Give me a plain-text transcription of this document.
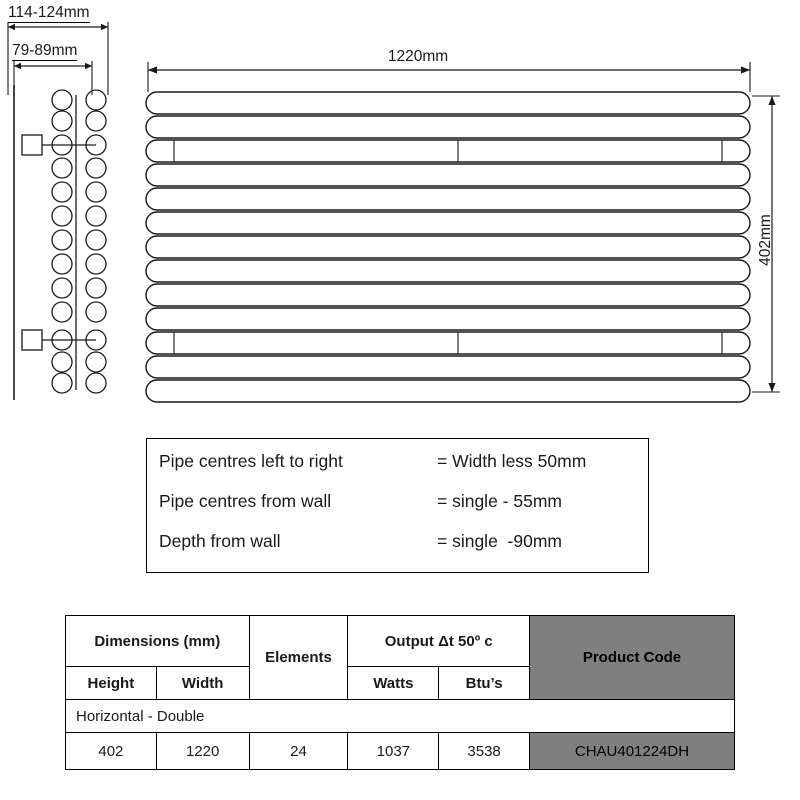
114-124mm
79-89mm	1220mm
402mm
Pipe centres left to right	= Width less 50mm
Pipe centres from wall	= single - 55mm
Depth from wall	= single  -90mm
Dimensions (mm)		Elements	Output Δt 50º c		Product Code
Height	Width		Watts	Btu’s	
Horizontal - Double					
402	1220	24	1037	3538	CHAU401224DH
